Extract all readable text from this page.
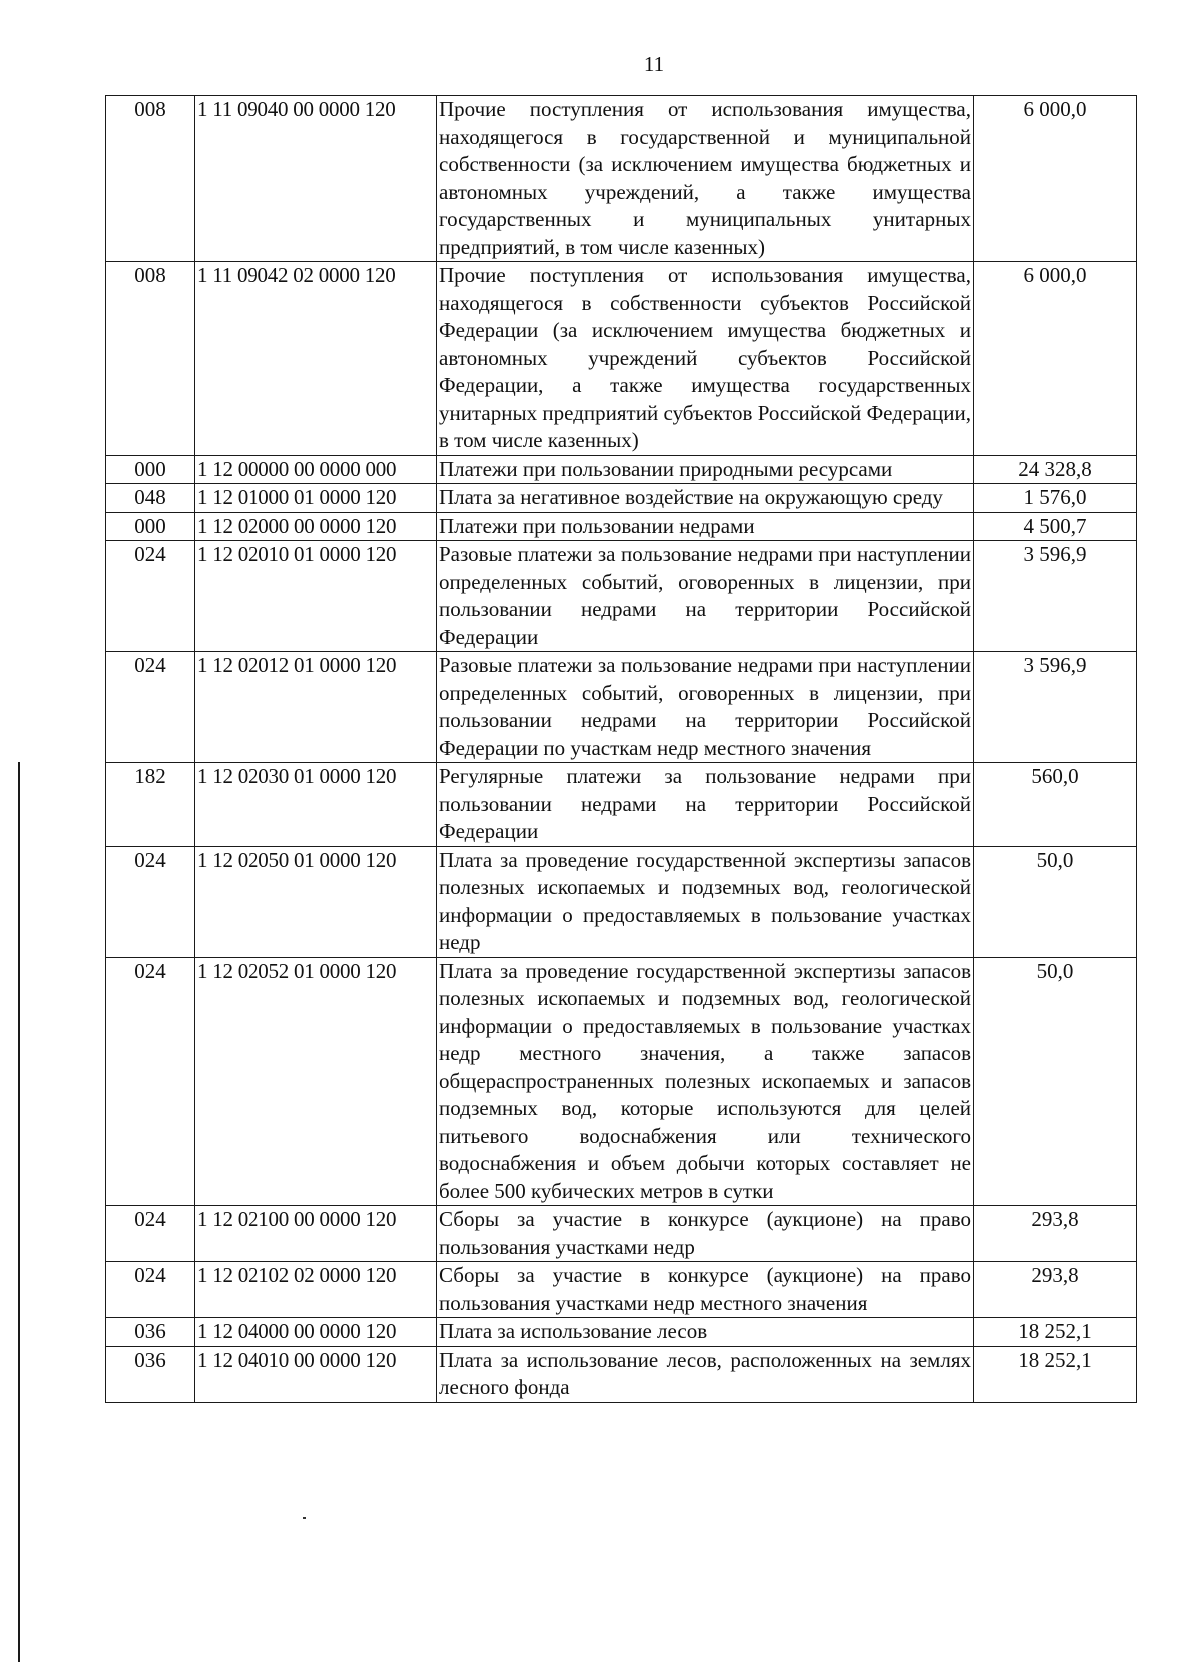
11
008	1 11 09040 00 0000 120	Прочие поступления от использования имущества, находящегося в государственной и муниципальной собственности (за исключением имущества бюджетных и автономных учреждений, а также имущества государственных и муниципальных унитарных предприятий, в том числе казенных)	6 000,0
008	1 11 09042 02 0000 120	Прочие поступления от использования имущества, находящегося в собственности субъектов Российской Федерации (за исключением имущества бюджетных и автономных учреждений субъектов Российской Федерации, а также имущества государственных унитарных предприятий субъектов Российской Федерации, в том числе казенных)	6 000,0
000	1 12 00000 00 0000 000	Платежи при пользовании природными ресурсами	24 328,8
048	1 12 01000 01 0000 120	Плата за негативное воздействие на окружающую среду	1 576,0
000	1 12 02000 00 0000 120	Платежи при пользовании недрами	4 500,7
024	1 12 02010 01 0000 120	Разовые платежи за пользование недрами при наступлении определенных событий, оговоренных в лицензии, при пользовании недрами на территории Российской Федерации	3 596,9
024	1 12 02012 01 0000 120	Разовые платежи за пользование недрами при наступлении определенных событий, оговоренных в лицензии, при пользовании недрами на территории Российской Федерации по участкам недр местного значения	3 596,9
182	1 12 02030 01 0000 120	Регулярные платежи за пользование недрами при пользовании недрами на территории Российской Федерации	560,0
024	1 12 02050 01 0000 120	Плата за проведение государственной экспертизы запасов полезных ископаемых и подземных вод, геологической информации о предоставляемых в пользование участках недр	50,0
024	1 12 02052 01 0000 120	Плата за проведение государственной экспертизы запасов полезных ископаемых и подземных вод, геологической информации о предоставляемых в пользование участках недр местного значения, а также запасов общераспространенных полезных ископаемых и запасов подземных вод, которые используются для целей питьевого водоснабжения или технического водоснабжения и объем добычи которых составляет не более 500 кубических метров в сутки	50,0
024	1 12 02100 00 0000 120	Сборы за участие в конкурсе (аукционе) на право пользования участками недр	293,8
024	1 12 02102 02 0000 120	Сборы за участие в конкурсе (аукционе) на право пользования участками недр местного значения	293,8
036	1 12 04000 00 0000 120	Плата за использование лесов	18 252,1
036	1 12 04010 00 0000 120	Плата за использование лесов, расположенных на землях лесного фонда	18 252,1
